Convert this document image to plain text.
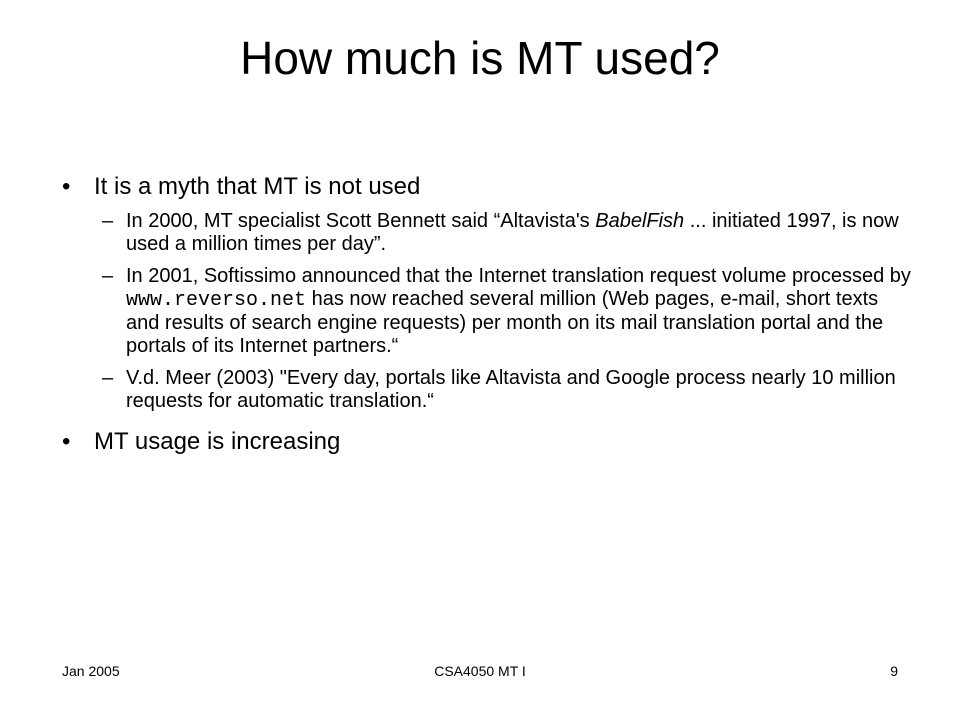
How much is MT used?
• It is a myth that MT is not used
– In 2000, MT specialist Scott Bennett said “Altavista's BabelFish ... initiated 1997, is now used a million times per day”.
– In 2001, Softissimo announced that the Internet translation request volume processed by www.reverso.net has now reached several million (Web pages, e-mail, short texts and results of search engine requests) per month on its mail translation portal and the portals of its Internet partners.“
– V.d. Meer (2003) "Every day, portals like Altavista and Google process nearly 10 million requests for automatic translation.“
• MT usage is increasing
Jan 2005	CSA4050 MT I	9
